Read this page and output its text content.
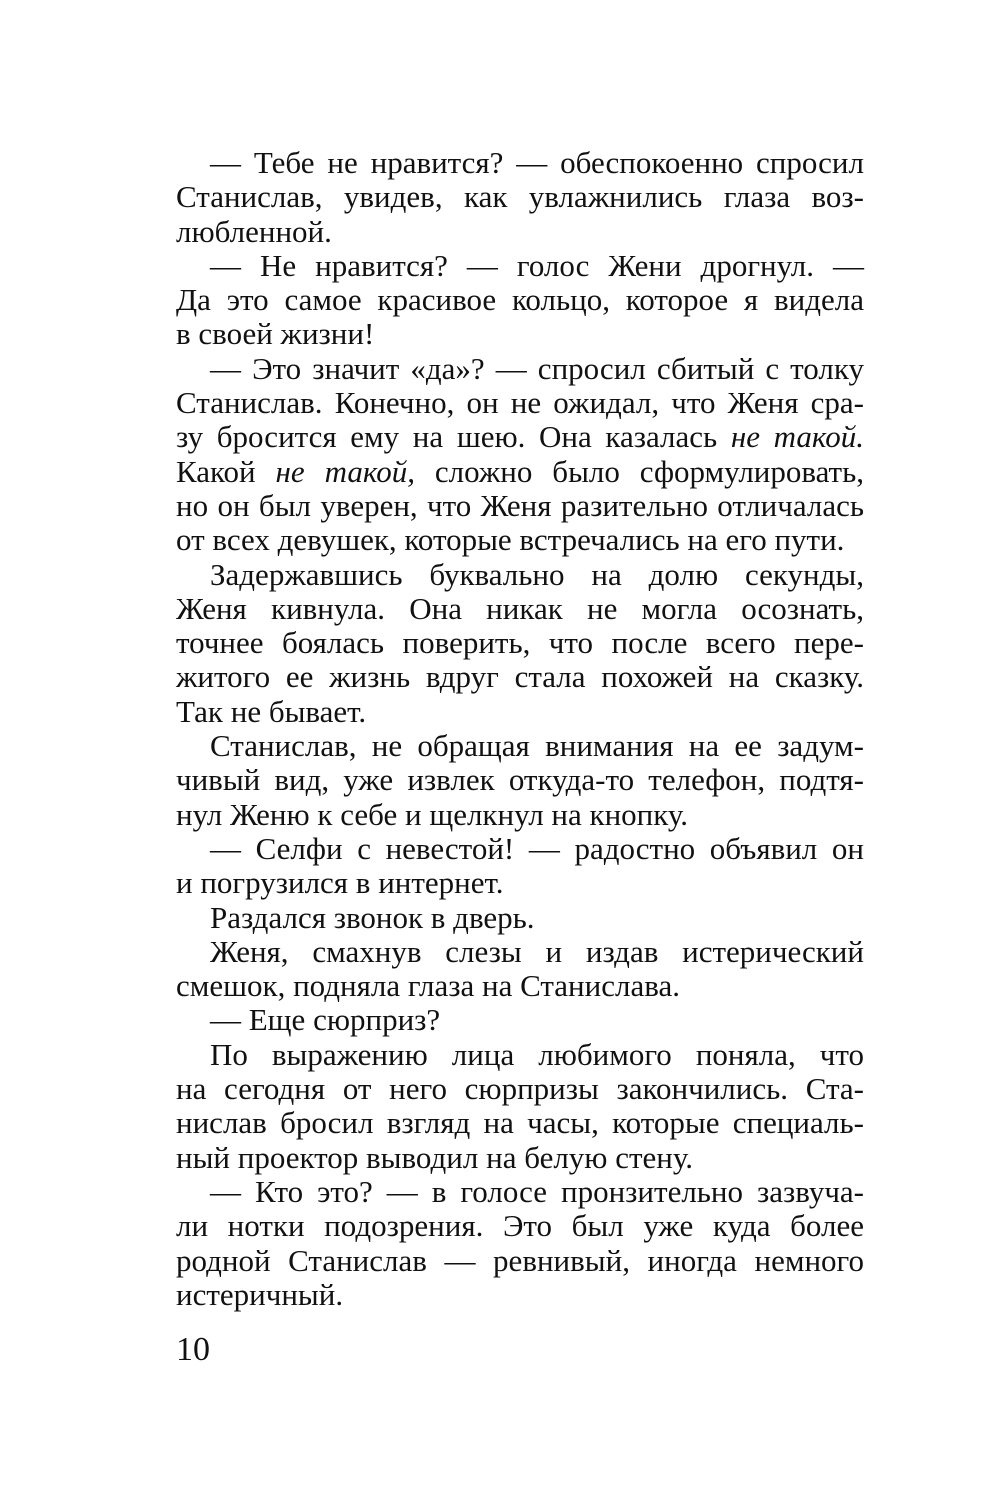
— Тебе не нравится? — обеспокоенно спросил
Станислав, увидев, как увлажнились глаза воз-
любленной.
— Не нравится? — голос Жени дрогнул. —
Да это самое красивое кольцо, которое я видела
в своей жизни!
— Это значит «да»? — спросил сбитый с толку
Станислав. Конечно, он не ожидал, что Женя сра-
зу бросится ему на шею. Она казалась не такой.
Какой не такой, сложно было сформулировать,
но он был уверен, что Женя разительно отличалась
от всех девушек, которые встречались на его пути.
Задержавшись буквально на долю секунды,
Женя кивнула. Она никак не могла осознать,
точнее боялась поверить, что после всего пере-
житого ее жизнь вдруг стала похожей на сказку.
Так не бывает.
Станислав, не обращая внимания на ее задум-
чивый вид, уже извлек откуда-то телефон, подтя-
нул Женю к себе и щелкнул на кнопку.
— Селфи с невестой! — радостно объявил он
и погрузился в интернет.
Раздался звонок в дверь.
Женя, смахнув слезы и издав истерический
смешок, подняла глаза на Станислава.
— Еще сюрприз?
По выражению лица любимого поняла, что
на сегодня от него сюрпризы закончились. Ста-
нислав бросил взгляд на часы, которые специаль-
ный проектор выводил на белую стену.
— Кто это? — в голосе пронзительно зазвуча-
ли нотки подозрения. Это был уже куда более
родной Станислав — ревнивый, иногда немного
истеричный.
10
